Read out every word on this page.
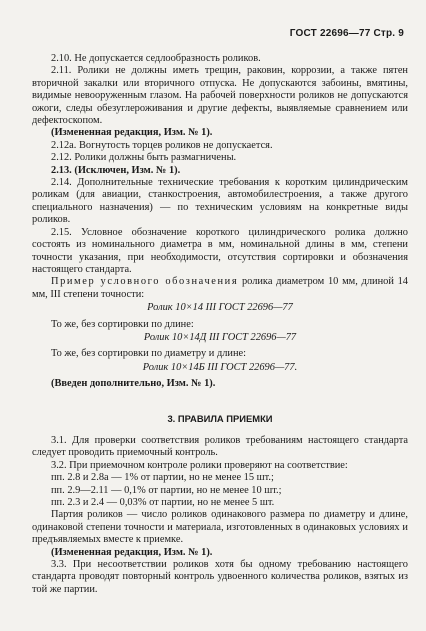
ГОСТ 22696—77 Стр. 9

2.10. Не допускается седлообразность роликов.

2.11. Ролики не должны иметь трещин, раковин, коррозии, а также пятен вторичной закалки или вторичного отпуска. Не допускаются забоины, вмятины, видимые невооруженным глазом. На рабочей поверхности роликов не допускаются ожоги, следы обезуглероживания и другие дефекты, выявляемые сравнением или дефектоскопом.

(Измененная редакция, Изм. № 1).

2.12а. Вогнутость торцев роликов не допускается.

2.12. Ролики должны быть размагничены.

2.13. (Исключен, Изм. № 1).

2.14. Дополнительные технические требования к коротким цилиндрическим роликам (для авиации, станкостроения, автомобилестроения, а также другого специального назначения) — по техническим условиям на конкретные виды роликов.

2.15. Условное обозначение короткого цилиндрического ролика должно состоять из номинального диаметра в мм, номинальной длины в мм, степени точности указания, при необходимости, отсутствия сортировки и обозначения настоящего стандарта.

Пример условного обозначения ролика диаметром 10 мм, длиной 14 мм, III степени точности:

Ролик 10×14 III ГОСТ 22696—77

То же, без сортировки по длине:

Ролик 10×14Д III ГОСТ 22696—77

То же, без сортировки по диаметру и длине:

Ролик 10×14Б III ГОСТ 22696—77.

(Введен дополнительно, Изм. № 1).

3. ПРАВИЛА ПРИЕМКИ

3.1. Для проверки соответствия роликов требованиям настоящего стандарта следует проводить приемочный контроль.

3.2. При приемочном контроле ролики проверяют на соответствие:

пп. 2.8 и 2.8а — 1% от партии, но не менее 15 шт.;
пп. 2.9—2.11 — 0,1% от партии, но не менее 10 шт.;
пп. 2.3 и 2.4 — 0,03% от партии, но не менее 5 шт.

Партия роликов — число роликов одинакового размера по диаметру и длине, одинаковой степени точности и материала, изготовленных в одинаковых условиях и предъявляемых вместе к приемке.

(Измененная редакция, Изм. № 1).

3.3. При несоответствии роликов хотя бы одному требованию настоящего стандарта проводят повторный контроль удвоенного количества роликов, взятых из той же партии.
